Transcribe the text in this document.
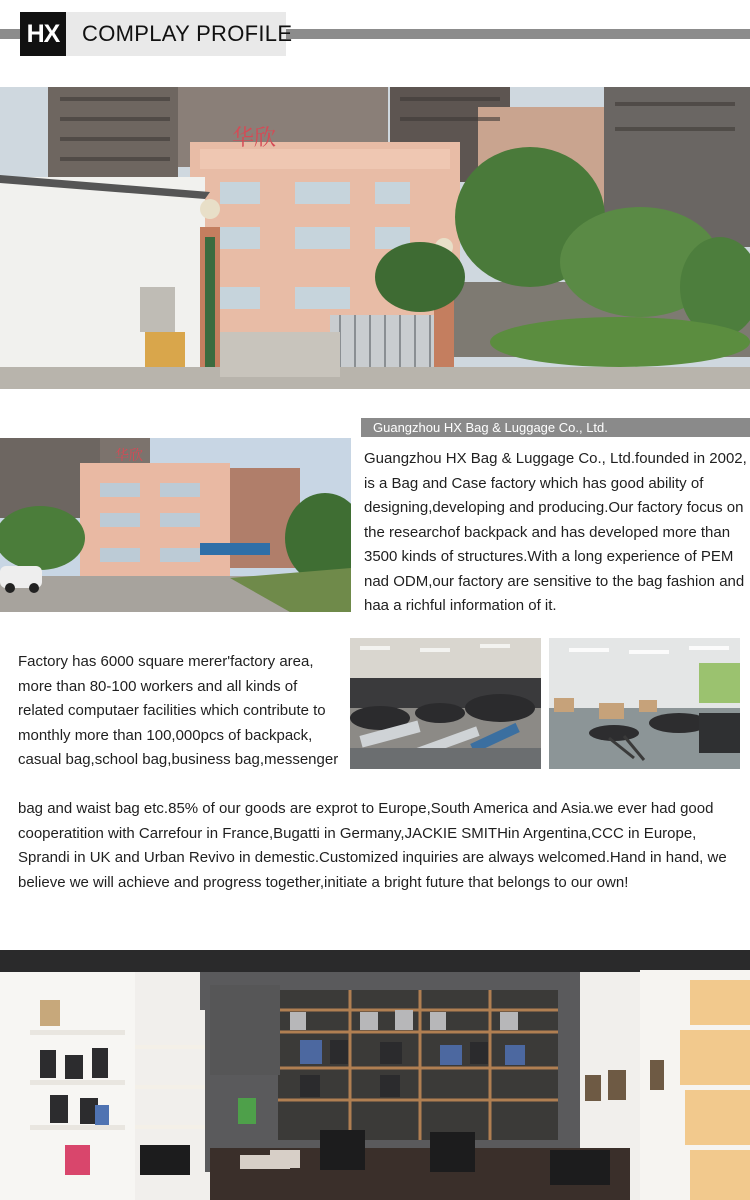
HX	COMPLAY PROFILE
华欣
Guangzhou HX Bag & Luggage Co., Ltd.
华欣	Guangzhou HX Bag & Luggage Co., Ltd.founded in 2002, is a Bag and Case factory which has good ability of designing,developing and producing.Our factory focus on the researchof backpack and has developed more than 3500 kinds of structures.With a long experience of PEM nad ODM,our factory are sensitive to the bag fashion and haa a richful information of it.
Factory has 6000 square merer'factory area, more than 80-100 workers and all kinds of related computaer facilities which contribute to monthly more than 100,000pcs of backpack, casual bag,school bag,business bag,messenger
bag and waist bag etc.85% of our goods are exprot to Europe,South America and Asia.we ever had good cooperatition with Carrefour in France,Bugatti in Germany,JACKIE SMITHin Argentina,CCC in Europe, Sprandi in UK and Urban Revivo in demestic.Customized inquiries are always welcomed.Hand in hand, we believe we will achieve and progress together,initiate a bright future that belongs to our own!
